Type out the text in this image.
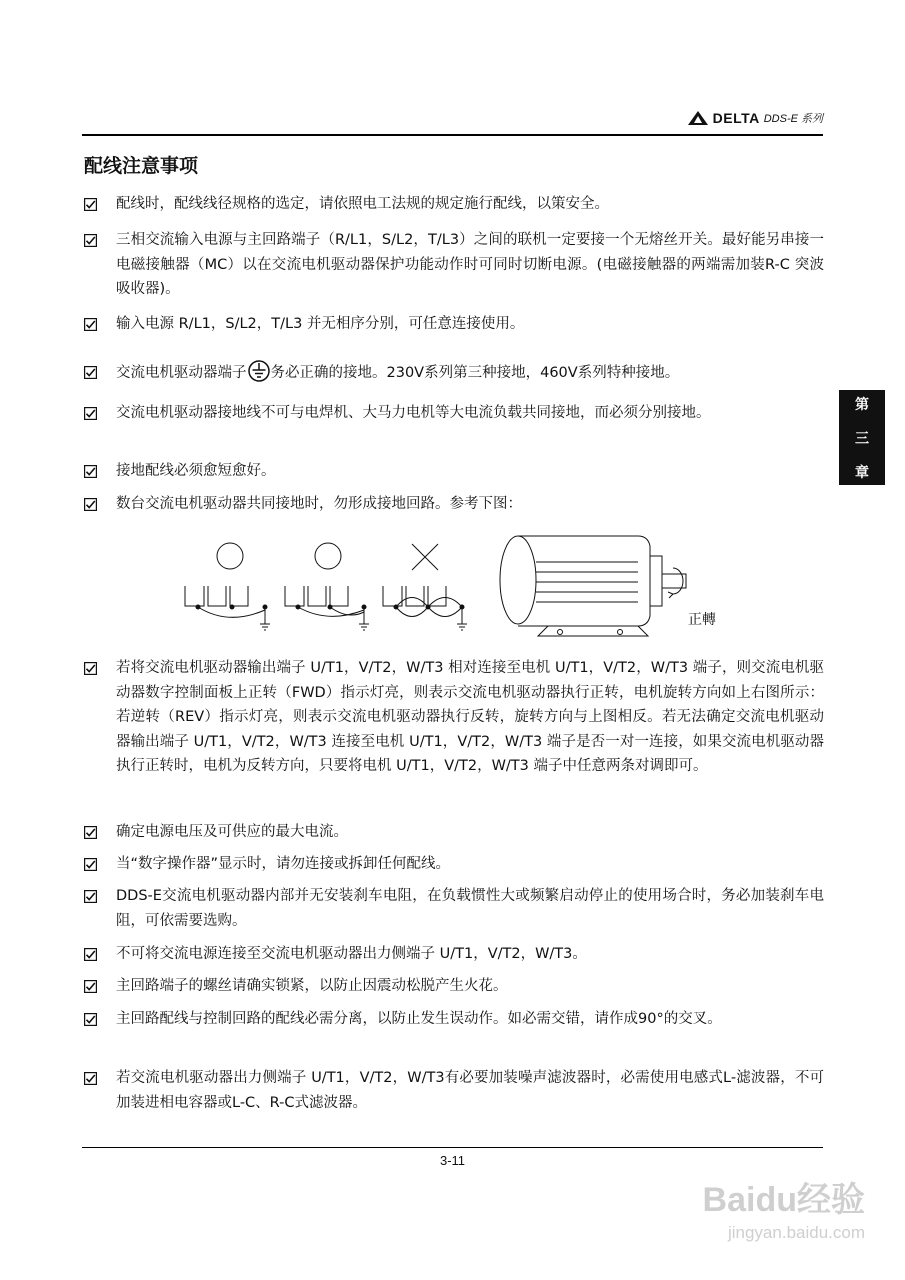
DELTA DDS-E 系列
配线注意事项
第
三
章
配线时，配线线径规格的选定，请依照电工法规的规定施行配线，以策安全。
三相交流输入电源与主回路端子（R/L1，S/L2，T/L3）之间的联机一定要接一个无熔丝开关。最好能另串接一电磁接触器（MC）以在交流电机驱动器保护功能动作时可同时切断电源。(电磁接触器的两端需加装R-C 突波吸收器)。
输入电源 R/L1，S/L2，T/L3 并无相序分别，可任意连接使用。
交流电机驱动器端子 务必正确的接地。230V系列第三种接地，460V系列特种接地。
交流电机驱动器接地线不可与电焊机、大马力电机等大电流负载共同接地，而必须分别接地。
接地配线必须愈短愈好。
数台交流电机驱动器共同接地时，勿形成接地回路。参考下图：
正轉
若将交流电机驱动器输出端子 U/T1，V/T2，W/T3 相对连接至电机 U/T1，V/T2，W/T3 端子，则交流电机驱动器数字控制面板上正转（FWD）指示灯亮，则表示交流电机驱动器执行正转，电机旋转方向如上右图所示：若逆转（REV）指示灯亮，则表示交流电机驱动器执行反转，旋转方向与上图相反。若无法确定交流电机驱动器输出端子 U/T1，V/T2，W/T3 连接至电机 U/T1，V/T2，W/T3 端子是否一对一连接，如果交流电机驱动器执行正转时，电机为反转方向，只要将电机 U/T1，V/T2，W/T3 端子中任意两条对调即可。
确定电源电压及可供应的最大电流。
当“数字操作器”显示时，请勿连接或拆卸任何配线。
DDS-E交流电机驱动器内部并无安装刹车电阻，在负载惯性大或频繁启动停止的使用场合时，务必加装刹车电阻，可依需要选购。
不可将交流电源连接至交流电机驱动器出力侧端子 U/T1，V/T2，W/T3。
主回路端子的螺丝请确实锁紧，以防止因震动松脱产生火花。
主回路配线与控制回路的配线必需分离，以防止发生误动作。如必需交错，请作成90°的交叉。
若交流电机驱动器出力侧端子 U/T1，V/T2，W/T3有必要加装噪声滤波器时，必需使用电感式L-滤波器，不可加装进相电容器或L-C、R-C式滤波器。
3-11
Baidu经验
jingyan.baidu.com
